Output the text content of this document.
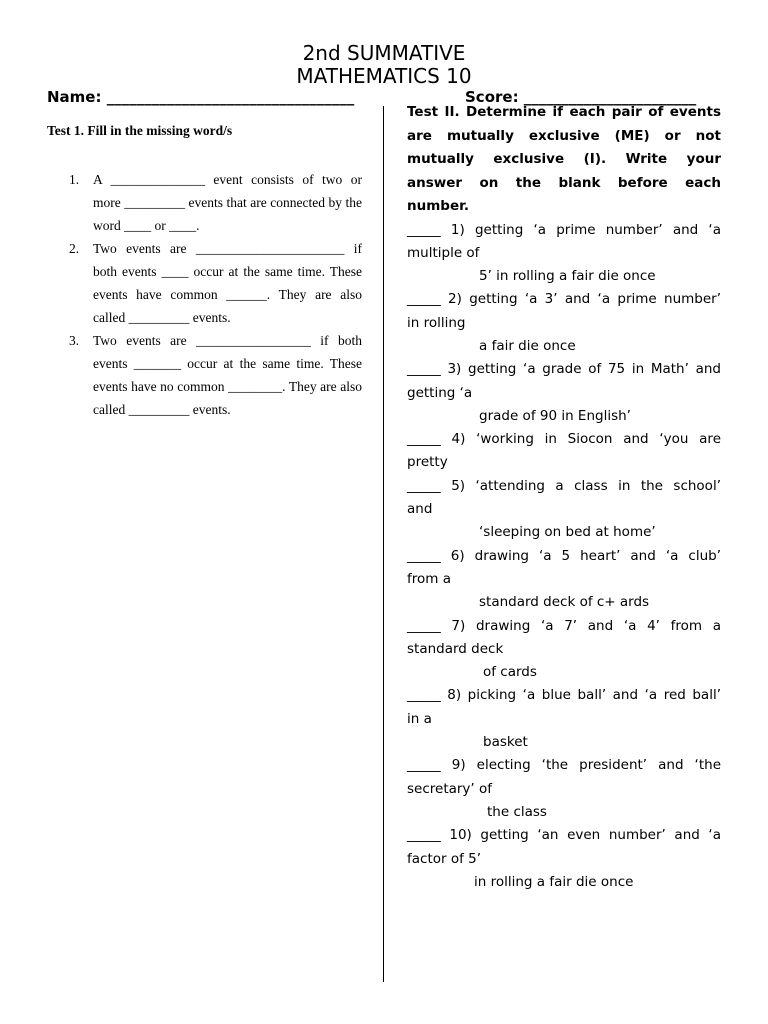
2nd SUMMATIVE
MATHEMATICS 10
Name: _________________________________	Score: _______________________

Test 1. Fill in the missing word/s

1. A ______________ event consists of two or more _________ events that are connected by the word ____ or ____.
2. Two events are ______________________ if both events ____ occur at the same time. These events have common ______. They are also called _________ events.
3. Two events are _________________ if both events _______ occur at the same time. These events have no common ________. They are also called _________ events.

Test II. Determine if each pair of events are mutually exclusive (ME) or not mutually exclusive (I). Write your answer on the blank before each number.

_____ 1) getting ‘a prime number’ and ‘a
multiple of
5’ in rolling a fair die once
_____ 2) getting ‘a 3’ and ‘a prime number’
in rolling
a fair die once
_____ 3) getting ‘a grade of 75 in Math’ and
getting ‘a
grade of 90 in English’
_____ 4) ‘working in Siocon and ‘you are
pretty
_____ 5) ‘attending a class in the school’
and
‘sleeping on bed at home’
_____ 6) drawing ‘a 5 heart’ and ‘a club’
from a
standard deck of c+ ards
_____ 7) drawing ‘a 7’ and ‘a 4’ from a
standard deck
of cards
_____ 8) picking ‘a blue ball’ and ‘a red ball’
in a
basket
_____ 9) electing ‘the president’ and ‘the
secretary’ of
the class
_____ 10) getting ‘an even number’ and ‘a
factor of 5’
in rolling a fair die once
